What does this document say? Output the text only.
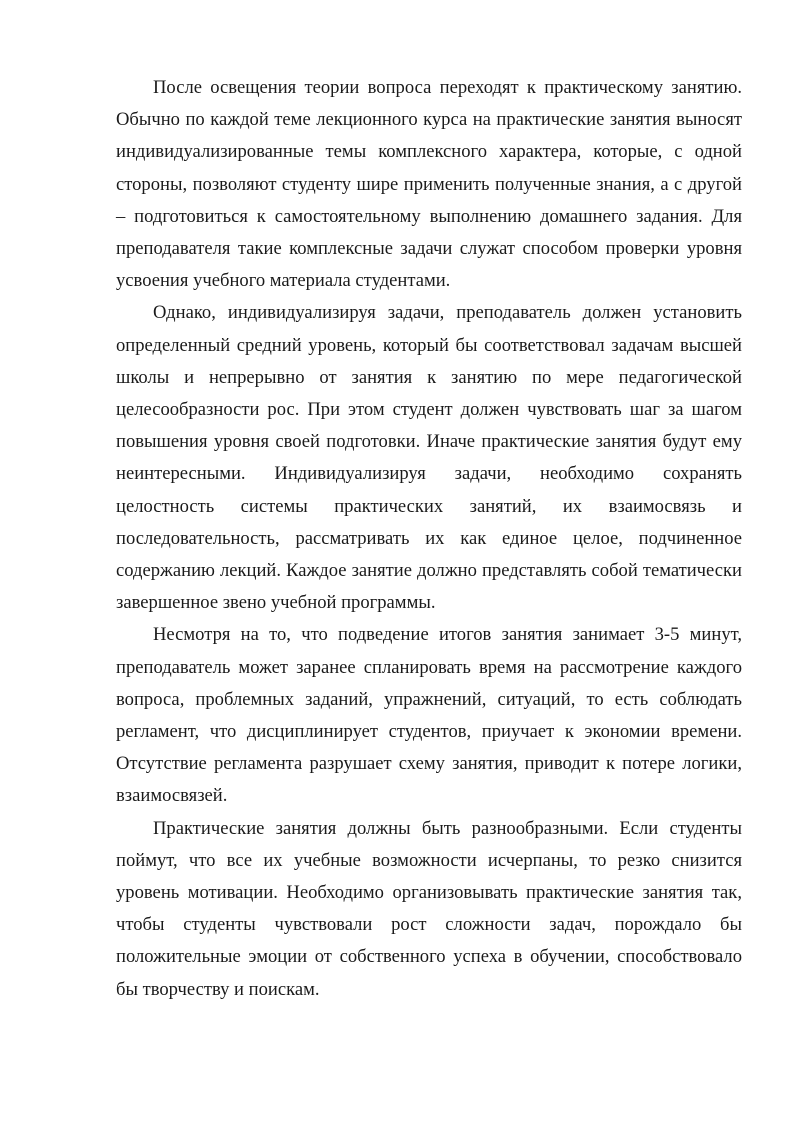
После освещения теории вопроса переходят к практическому занятию. Обычно по каждой теме лекционного курса на практические занятия выносят индивидуализированные темы комплексного характера, которые, с одной стороны, позволяют студенту шире применить полученные знания, а с другой – подготовиться к самостоятельному выполнению домашнего задания. Для преподавателя такие комплексные задачи служат способом проверки уровня усвоения учебного материала студентами.

Однако, индивидуализируя задачи, преподаватель должен установить определенный средний уровень, который бы соответствовал задачам высшей школы и непрерывно от занятия к занятию по мере педагогической целесообразности рос. При этом студент должен чувствовать шаг за шагом повышения уровня своей подготовки. Иначе практические занятия будут ему неинтересными. Индивидуализируя задачи, необходимо сохранять целостность системы практических занятий, их взаимосвязь и последовательность, рассматривать их как единое целое, подчиненное содержанию лекций. Каждое занятие должно представлять собой тематически завершенное звено учебной программы.

Несмотря на то, что подведение итогов занятия занимает 3-5 минут, преподаватель может заранее спланировать время на рассмотрение каждого вопроса, проблемных заданий, упражнений, ситуаций, то есть соблюдать регламент, что дисциплинирует студентов, приучает к экономии времени. Отсутствие регламента разрушает схему занятия, приводит к потере логики, взаимосвязей.

Практические занятия должны быть разнообразными. Если студенты поймут, что все их учебные возможности исчерпаны, то резко снизится уровень мотивации. Необходимо организовывать практические занятия так, чтобы студенты чувствовали рост сложности задач, порождало бы положительные эмоции от собственного успеха в обучении, способствовало бы творчеству и поискам.
